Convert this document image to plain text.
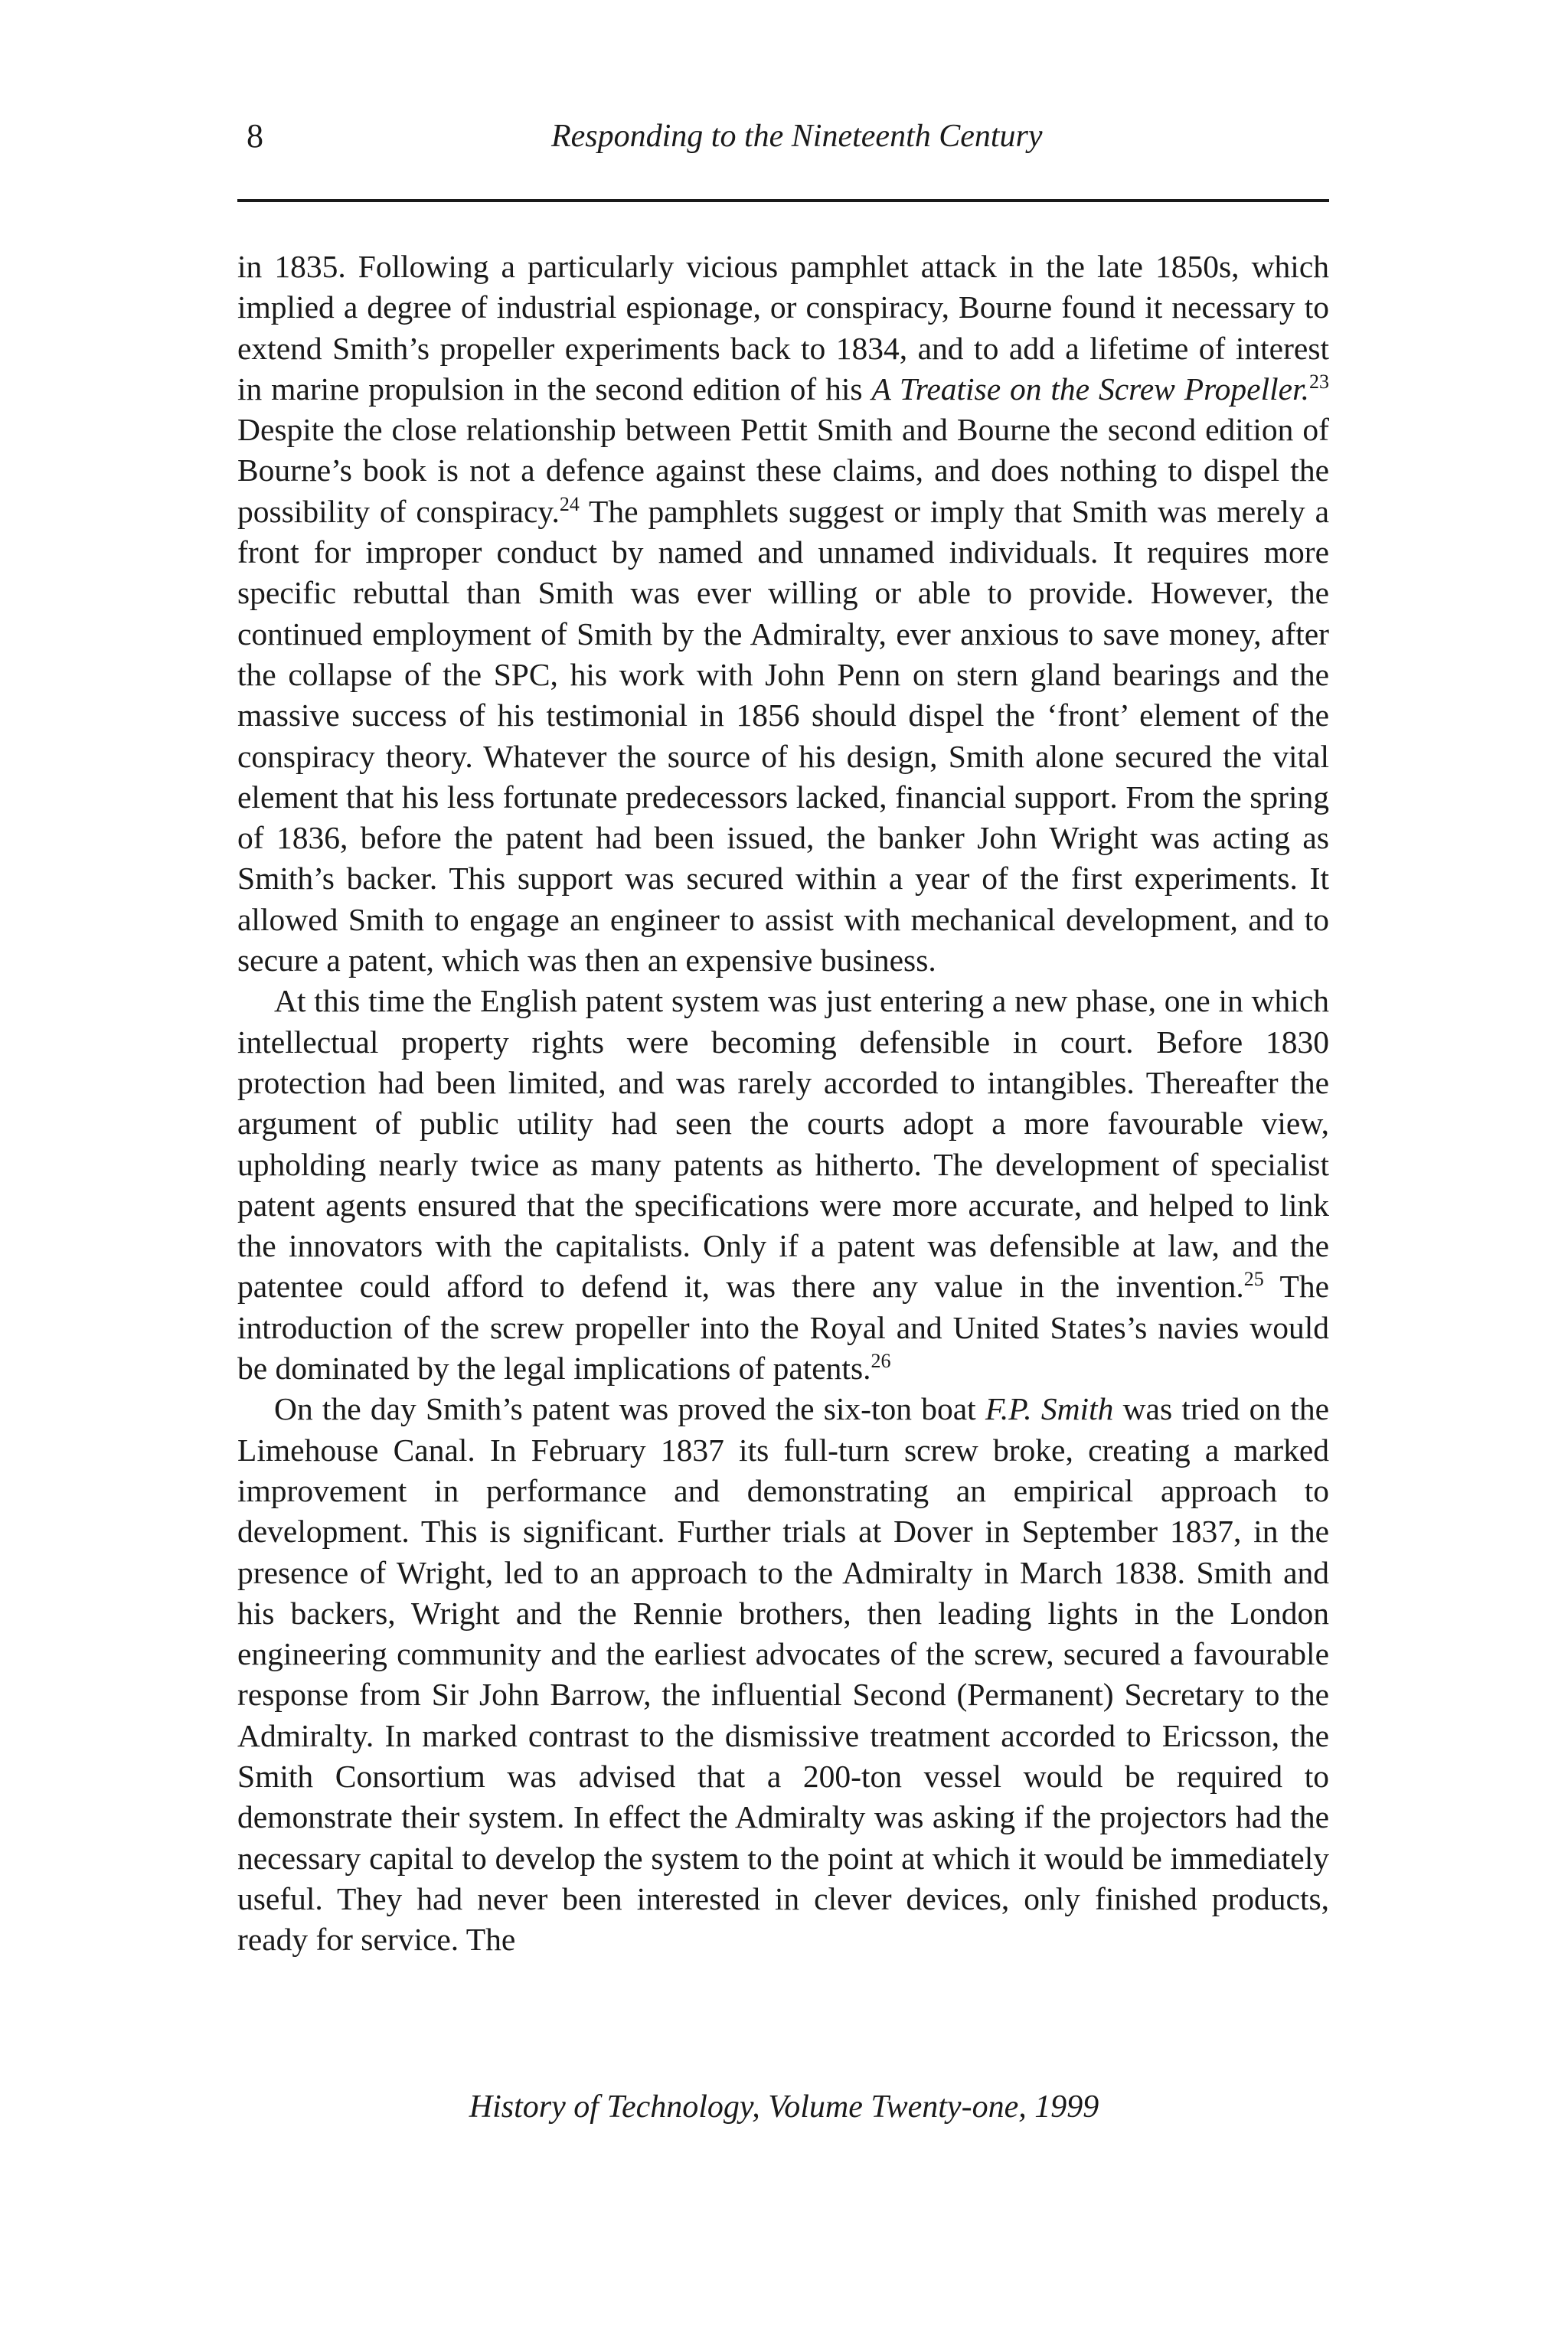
8	Responding to the Nineteenth Century

in 1835. Following a particularly vicious pamphlet attack in the late 1850s, which implied a degree of industrial espionage, or conspiracy, Bourne found it necessary to extend Smith’s propeller experiments back to 1834, and to add a lifetime of interest in marine propulsion in the second edition of his A Treatise on the Screw Propeller.$^{23}$ Despite the close relationship between Pettit Smith and Bourne the second edition of Bourne’s book is not a defence against these claims, and does nothing to dispel the possibility of conspiracy.$^{24}$ The pamphlets suggest or imply that Smith was merely a front for improper conduct by named and unnamed individuals. It requires more specific rebuttal than Smith was ever willing or able to provide. However, the continued employment of Smith by the Admiralty, ever anxious to save money, after the collapse of the SPC, his work with John Penn on stern gland bearings and the massive success of his testimonial in 1856 should dispel the ‘front’ element of the conspiracy theory. Whatever the source of his design, Smith alone secured the vital element that his less fortunate predecessors lacked, financial support. From the spring of 1836, before the patent had been issued, the banker John Wright was acting as Smith’s backer. This support was secured within a year of the first experiments. It allowed Smith to engage an engineer to assist with mechanical development, and to secure a patent, which was then an expensive business.

At this time the English patent system was just entering a new phase, one in which intellectual property rights were becoming defensible in court. Before 1830 protection had been limited, and was rarely accorded to intangibles. Thereafter the argument of public utility had seen the courts adopt a more favourable view, upholding nearly twice as many patents as hitherto. The development of specialist patent agents ensured that the specifications were more accurate, and helped to link the innovators with the capitalists. Only if a patent was defensible at law, and the patentee could afford to defend it, was there any value in the invention.$^{25}$ The introduction of the screw propeller into the Royal and United States’s navies would be dominated by the legal implications of patents.$^{26}$

On the day Smith’s patent was proved the six-ton boat F.P. Smith was tried on the Limehouse Canal. In February 1837 its full-turn screw broke, creating a marked improvement in performance and demonstrating an empirical approach to development. This is significant. Further trials at Dover in September 1837, in the presence of Wright, led to an approach to the Admiralty in March 1838. Smith and his backers, Wright and the Rennie brothers, then leading lights in the London engineering community and the earliest advocates of the screw, secured a favourable response from Sir John Barrow, the influential Second (Permanent) Secretary to the Admiralty. In marked contrast to the dismissive treatment accorded to Ericsson, the Smith Consortium was advised that a 200-ton vessel would be required to demonstrate their system. In effect the Admiralty was asking if the projectors had the necessary capital to develop the system to the point at which it would be immediately useful. They had never been interested in clever devices, only finished products, ready for service. The

History of Technology, Volume Twenty-one, 1999
